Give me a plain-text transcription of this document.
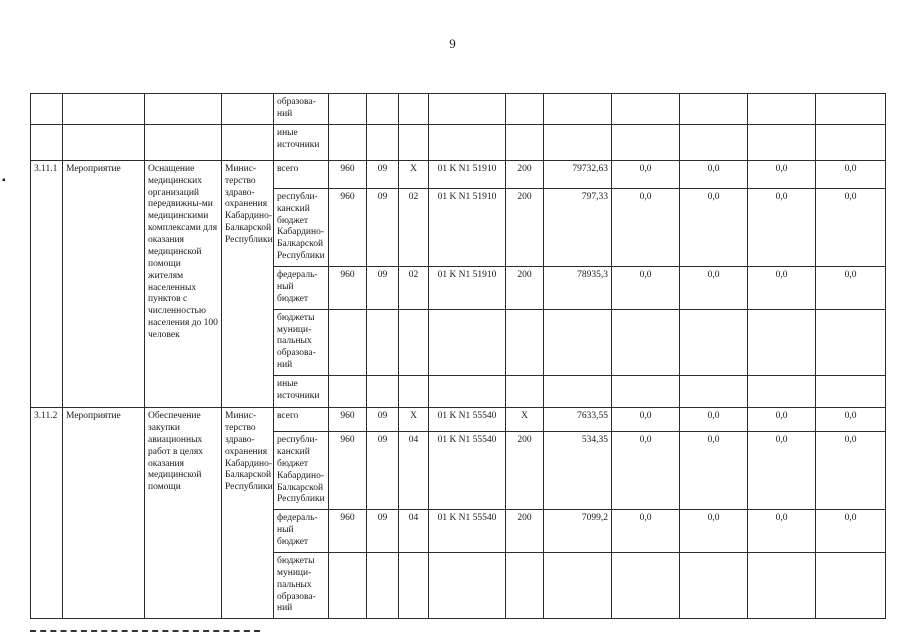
9
▪
				образова-
ний										
				иные
источники										
3.11.1	Мероприятие	Оснащение медицинских организаций передвижны-ми медицинскими комплексами для оказания медицинской помощи жителям населенных пунктов с численностью населения до 100 человек	Минис-терство здраво-охранения Кабардино-Балкарской Республики	всего	960	09	X	01 K N1 51910	200	79732,63	0,0	0,0	0,0	0,0
				республи-канский бюджет Кабардино-Балкарской Республики	960	09	02	01 K N1 51910	200	797,33	0,0	0,0	0,0	0,0
				федераль-ный бюджет	960	09	02	01 K N1 51910	200	78935,3	0,0	0,0	0,0	0,0
				бюджеты муници-пальных образова-ний										
				иные источники										
3.11.2	Мероприятие	Обеспечение закупки авиационных работ в целях оказания медицинской помощи	Минис-терство здраво-охранения Кабардино-Балкарской Республики	всего	960	09	X	01 K N1 55540	X	7633,55	0,0	0,0	0,0	0,0
				республи-канский бюджет Кабардино-Балкарской Республики	960	09	04	01 K N1 55540	200	534,35	0,0	0,0	0,0	0,0
				федераль-ный бюджет	960	09	04	01 K N1 55540	200	7099,2	0,0	0,0	0,0	0,0
				бюджеты муници-пальных образова-ний										
